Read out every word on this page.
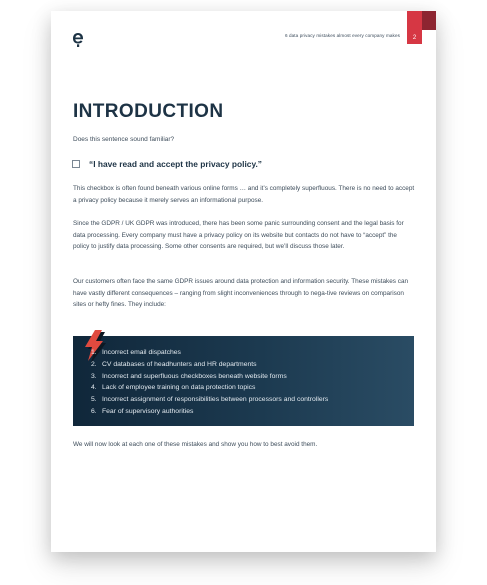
6 data privacy mistakes almost every company makes	2
INTRODUCTION
Does this sentence sound familiar?
“I have read and accept the privacy policy.”

This checkbox is often found beneath various online forms … and it’s completely superfluous. There is no need to accept a privacy policy because it merely serves an informational purpose.

Since the GDPR / UK GDPR was introduced, there has been some panic surrounding consent and the legal basis for data processing. Every company must have a privacy policy on its website but contacts do not have to “accept” the policy to justify data processing. Some other consents are required, but we’ll discuss those later.

Our customers often face the same GDPR issues around data protection and information security. These mistakes can have vastly different consequences – ranging from slight inconveniences through to nega-tive reviews on comparison sites or hefty fines. They include:

1. Incorrect email dispatches
2. CV databases of headhunters and HR departments
3. Incorrect and superfluous checkboxes beneath website forms
4. Lack of employee training on data protection topics
5. Incorrect assignment of responsibilities between processors and controllers
6. Fear of supervisory authorities

We will now look at each one of these mistakes and show you how to best avoid them.
